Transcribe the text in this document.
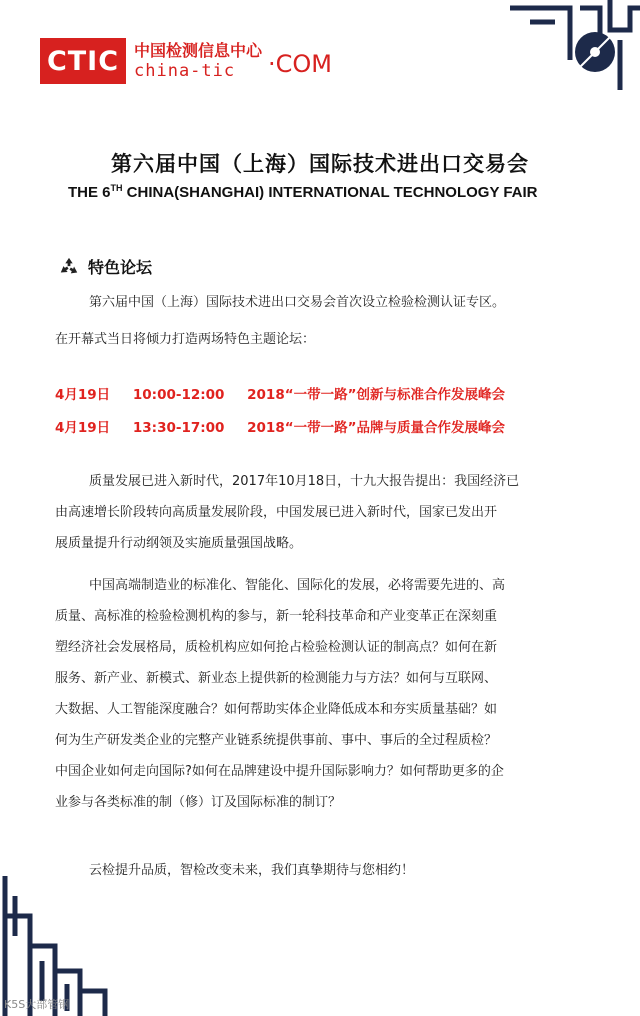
CTIC 中国检测信息中心
china-tic	·COM
第六届中国（上海）国际技术进出口交易会
THE 6TH CHINA(SHANGHAI) INTERNATIONAL TECHNOLOGY FAIR
特色论坛
第六届中国（上海）国际技术进出口交易会首次设立检验检测认证专区。
在开幕式当日将倾力打造两场特色主题论坛：
4月19日 10:00-12:00 2018“一带一路”创新与标准合作发展峰会
4月19日 13:30-17:00 2018“一带一路”品牌与质量合作发展峰会
质量发展已进入新时代，2017年10月18日，十九大报告提出：我国经济已
由高速增长阶段转向高质量发展阶段，中国发展已进入新时代，国家已发出开
展质量提升行动纲领及实施质量强国战略。
中国高端制造业的标准化、智能化、国际化的发展，必将需要先进的、高
质量、高标准的检验检测机构的参与，新一轮科技革命和产业变革正在深刻重
塑经济社会发展格局，质检机构应如何抢占检验检测认证的制高点？如何在新
服务、新产业、新模式、新业态上提供新的检测能力与方法？如何与互联网、
大数据、人工智能深度融合？如何帮助实体企业降低成本和夯实质量基础？如
何为生产研发类企业的完整产业链系统提供事前、事中、事后的全过程质检？
中国企业如何走向国际?如何在品牌建设中提升国际影响力？如何帮助更多的企
业参与各类标准的制（修）订及国际标准的制订？
云检提升品质，智检改变未来，我们真挚期待与您相约！
K5S大部管钢
